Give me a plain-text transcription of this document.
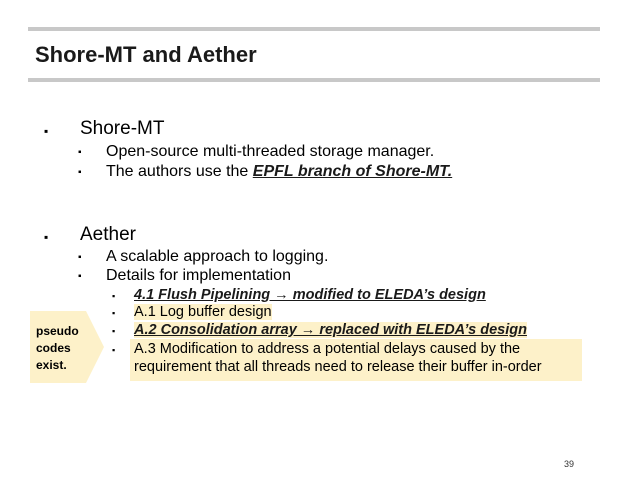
Shore-MT and Aether
▪ Shore-MT
▪ Open-source multi-threaded storage manager.
▪ The authors use the EPFL branch of Shore-MT.
▪ Aether
▪ A scalable approach to logging.
▪ Details for implementation
▪ 4.1 Flush Pipelining → modified to ELEDA’s design
▪ A.1 Log buffer design
▪ A.2 Consolidation array → replaced with ELEDA’s design
▪ A.3 Modification to address a potential delays caused by the
requirement that all threads need to release their buffer in-order
pseudo
codes
exist.
39
